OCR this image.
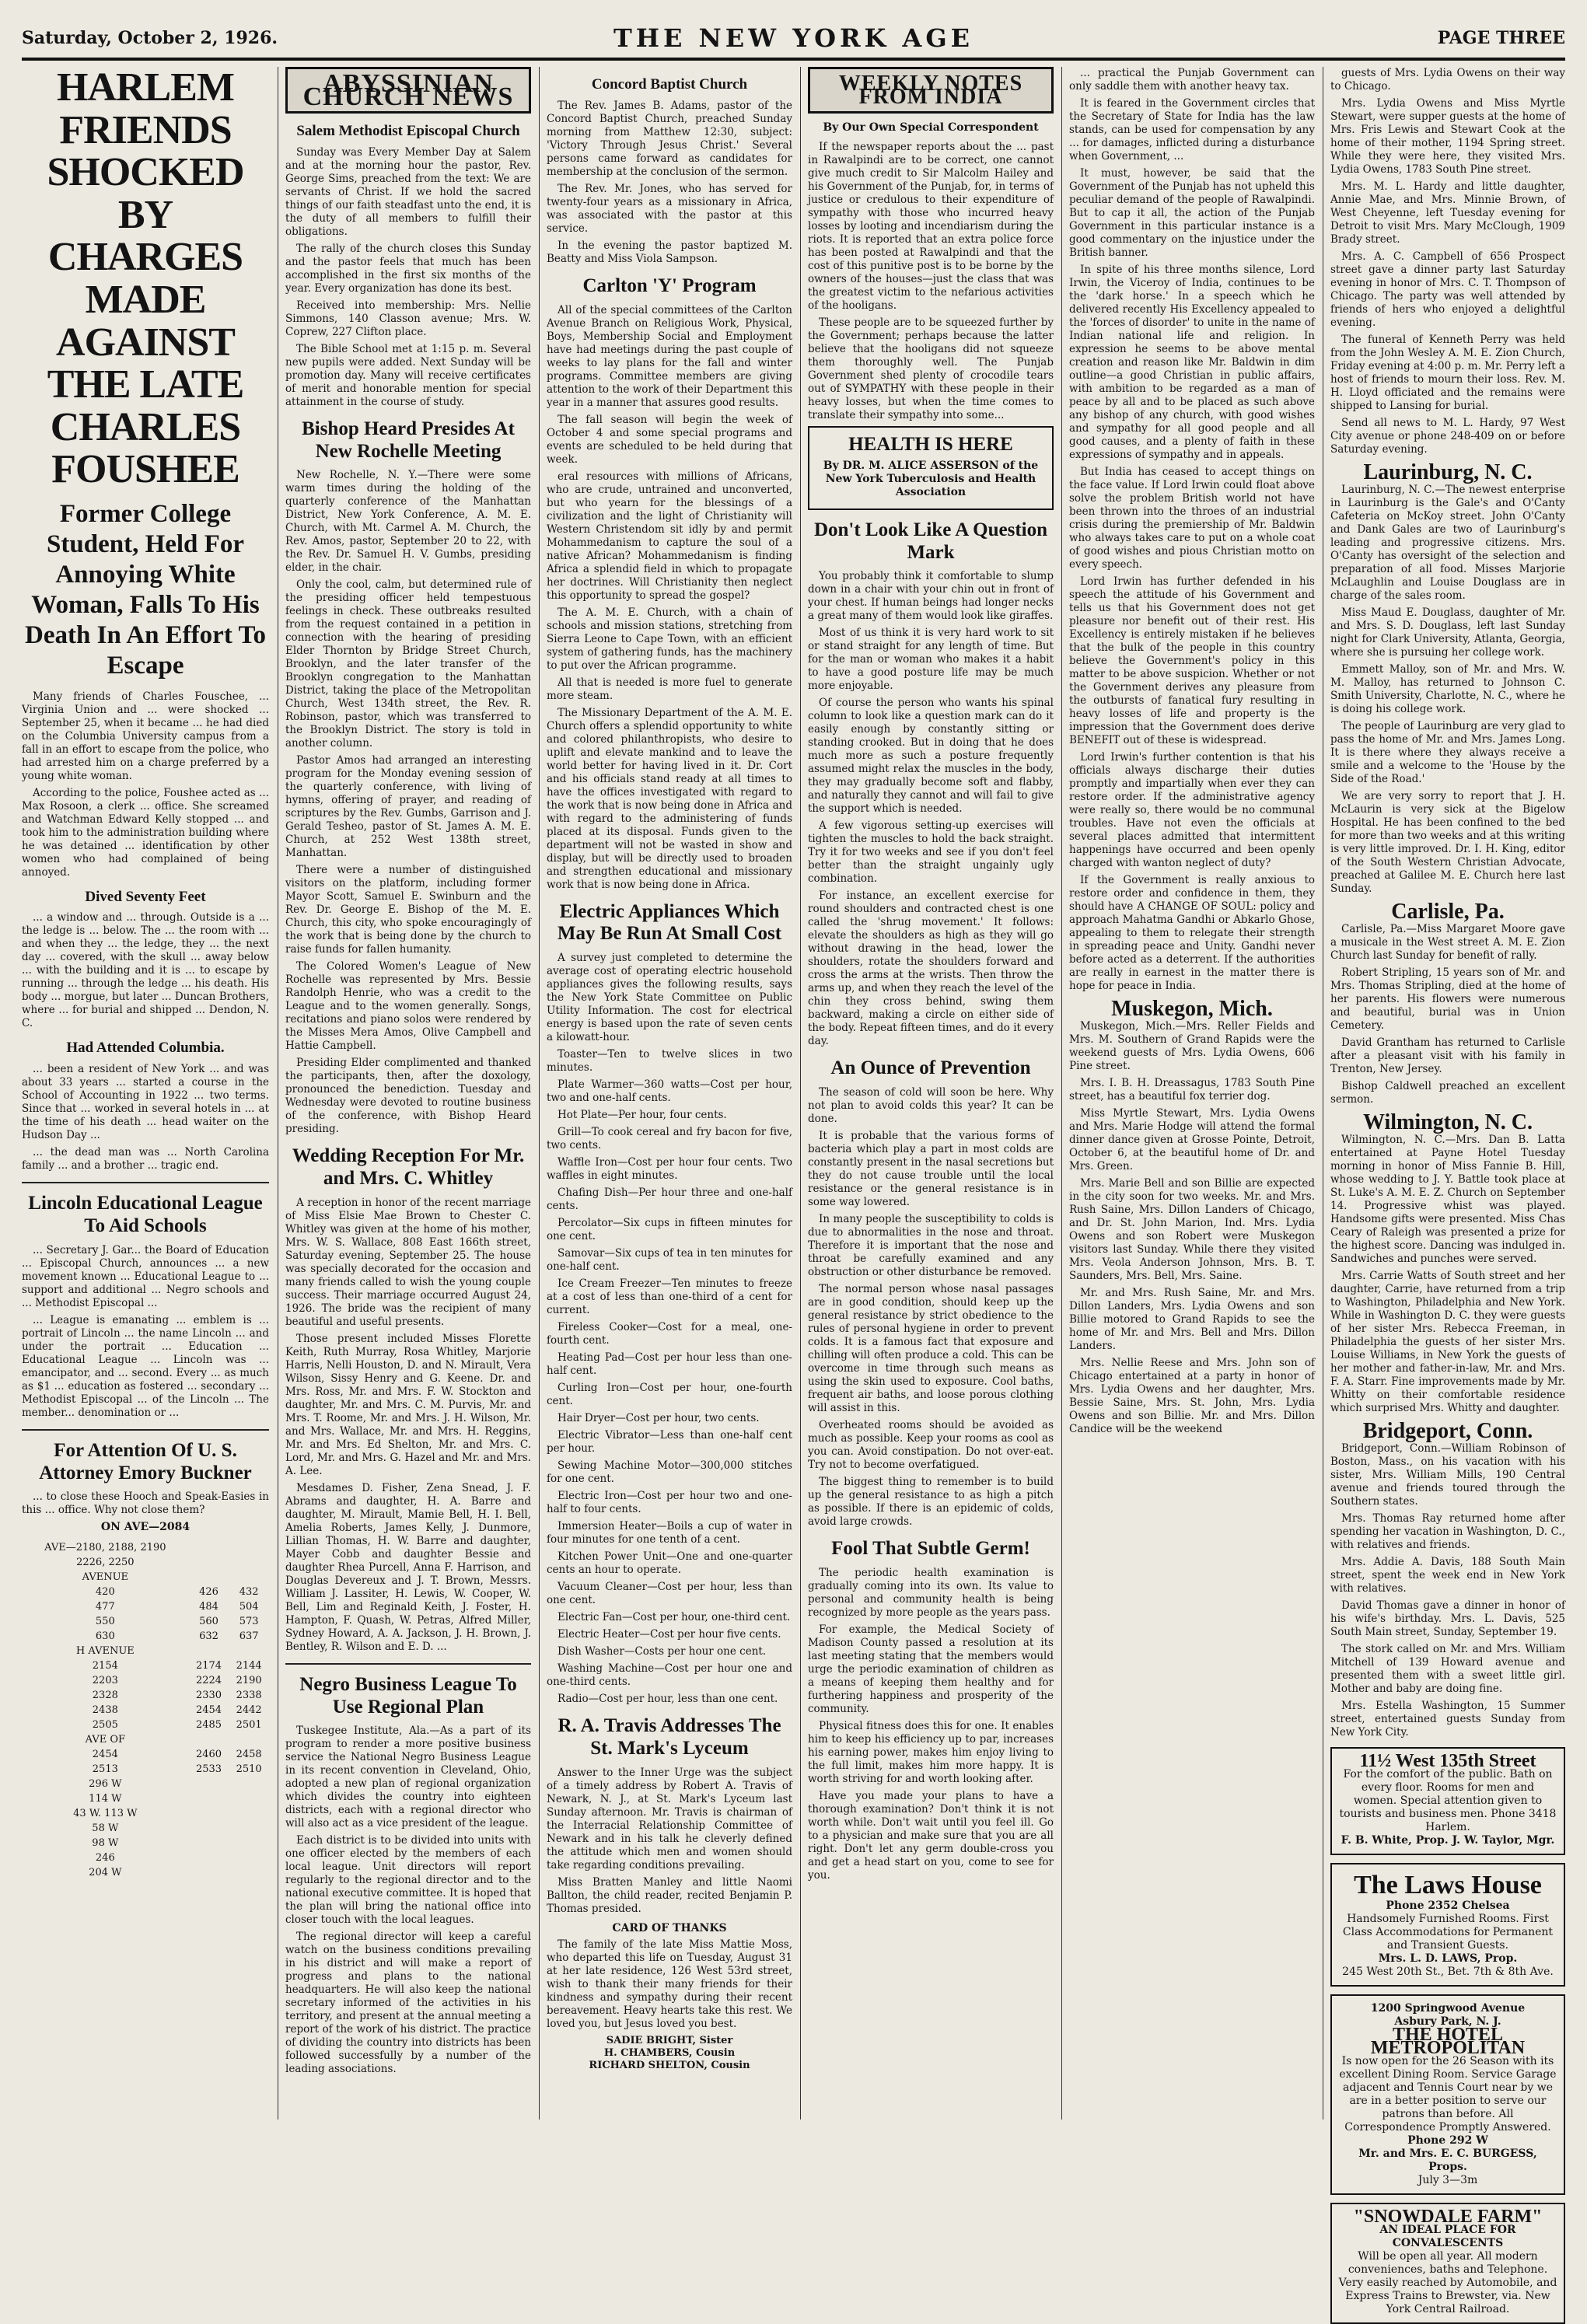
Saturday, October 2, 1926.	THE NEW YORK AGE	PAGE THREE
HARLEM FRIENDS SHOCKED BY CHARGES MADE AGAINST THE LATE CHARLES FOUSHEE
Former College Student, Held For Annoying White Woman, Falls To His Death In An Effort To Escape

Many friends of Charles Fouschee, ... Virginia Union and ... were shocked ... September 25, when it became ... he had died on the Columbia University campus from a fall in an effort to escape from the police, who had arrested him on a charge preferred by a young white woman.

According to the police, Foushee acted as ... Max Rosoon, a clerk ... office. She screamed and Watchman Edward Kelly stopped ... and took him to the administration building where he was detained ... identification by other women who had complained of being annoyed.

Dived Seventy Feet

... a window and ... through. Outside is a ... the ledge is ... below. The ... the room with ... and when they ... the ledge, they ... the next day ... covered, with the skull ... away below ... with the building and it is ... to escape by running ... through the ledge ... his death. His body ... morgue, but later ... Duncan Brothers, where ... for burial and shipped ... Dendon, N. C.

Had Attended Columbia.

... been a resident of New York ... and was about 33 years ... started a course in the School of Accounting in 1922 ... two terms. Since that ... worked in several hotels in ... at the time of his death ... head waiter on the Hudson Day ...

... the dead man was ... North Carolina family ... and a brother ... tragic end.

Lincoln Educational League To Aid Schools

... Secretary J. Gar... the Board of Education ... Episcopal Church, announces ... a new movement known ... Educational League to ... support and additional ... Negro schools and ... Methodist Episcopal ...

... League is emanating ... emblem is ... portrait of Lincoln ... the name Lincoln ... and under the portrait ... Education ... Educational League ... Lincoln was ... emancipator, and ... second. Every ... as much as $1 ... education as fostered ... secondary ... Methodist Episcopal ... of the Lincoln ... The member... denomination or ...

For Attention Of U. S. Attorney Emory Buckner

... to close these Hooch and Speak-Easies in this ... office. Why not close them?

ON AVE—2084
AVE—2180, 2188, 2190		
2226, 2250		
AVENUE		
420	426	432
477	484	504
550	560	573
630	632	637
H AVENUE		
2154	2174	2144
2203	2224	2190
2328	2330	2338
2438	2454	2442
2505	2485	2501
AVE OF		
2454	2460	2458
2513	2533	2510
296 W		
114 W		
43 W. 113 W		
58 W		
98 W		
246		
204 W		
ABYSSINIAN CHURCH NEWS
Salem Methodist Episcopal Church

Sunday was Every Member Day at Salem and at the morning hour the pastor, Rev. George Sims, preached from the text: We are servants of Christ. If we hold the sacred things of our faith steadfast unto the end, it is the duty of all members to fulfill their obligations.

The rally of the church closes this Sunday and the pastor feels that much has been accomplished in the first six months of the year. Every organization has done its best.

Received into membership: Mrs. Nellie Simmons, 140 Classon avenue; Mrs. W. Coprew, 227 Clifton place.

The Bible School met at 1:15 p. m. Several new pupils were added. Next Sunday will be promotion day. Many will receive certificates of merit and honorable mention for special attainment in the course of study.

Bishop Heard Presides At New Rochelle Meeting

New Rochelle, N. Y.—There were some warm times during the holding of the quarterly conference of the Manhattan District, New York Conference, A. M. E. Church, with Mt. Carmel A. M. Church, the Rev. Amos, pastor, September 20 to 22, with the Rev. Dr. Samuel H. V. Gumbs, presiding elder, in the chair.

Only the cool, calm, but determined rule of the presiding officer held tempestuous feelings in check. These outbreaks resulted from the request contained in a petition in connection with the hearing of presiding Elder Thornton by Bridge Street Church, Brooklyn, and the later transfer of the Brooklyn congregation to the Manhattan District, taking the place of the Metropolitan Church, West 134th street, the Rev. R. Robinson, pastor, which was transferred to the Brooklyn District. The story is told in another column.

Pastor Amos had arranged an interesting program for the Monday evening session of the quarterly conference, with living of hymns, offering of prayer, and reading of scriptures by the Rev. Gumbs, Garrison and J. Gerald Tesheo, pastor of St. James A. M. E. Church, at 252 West 138th street, Manhattan.

There were a number of distinguished visitors on the platform, including former Mayor Scott, Samuel E. Swinburn and the Rev. Dr. George E. Bishop of the M. E. Church, this city, who spoke encouragingly of the work that is being done by the church to raise funds for fallen humanity.

The Colored Women's League of New Rochelle was represented by Mrs. Bessie Randolph Henrie, who was a credit to the League and to the women generally. Songs, recitations and piano solos were rendered by the Misses Mera Amos, Olive Campbell and Hattie Campbell.

Presiding Elder complimented and thanked the participants, then, after the doxology, pronounced the benediction. Tuesday and Wednesday were devoted to routine business of the conference, with Bishop Heard presiding.

Wedding Reception For Mr. and Mrs. C. Whitley

A reception in honor of the recent marriage of Miss Elsie Mae Brown to Chester C. Whitley was given at the home of his mother, Mrs. W. S. Wallace, 808 East 166th street, Saturday evening, September 25. The house was specially decorated for the occasion and many friends called to wish the young couple success. Their marriage occurred August 24, 1926. The bride was the recipient of many beautiful and useful presents.

Those present included Misses Florette Keith, Ruth Murray, Rosa Whitley, Marjorie Harris, Nelli Houston, D. and N. Mirault, Vera Wilson, Sissy Henry and G. Keene. Dr. and Mrs. Ross, Mr. and Mrs. F. W. Stockton and daughter, Mr. and Mrs. C. M. Purvis, Mr. and Mrs. T. Roome, Mr. and Mrs. J. H. Wilson, Mr. and Mrs. Wallace, Mr. and Mrs. H. Reggins, Mr. and Mrs. Ed Shelton, Mr. and Mrs. C. Lord, Mr. and Mrs. G. Hazel and Mr. and Mrs. A. Lee.

Mesdames D. Fisher, Zena Snead, J. F. Abrams and daughter, H. A. Barre and daughter, M. Mirault, Mamie Bell, H. I. Bell, Amelia Roberts, James Kelly, J. Dunmore, Lillian Thomas, H. W. Barre and daughter, Mayer Cobb and daughter Bessie and daughter Rhea Purcell, Anna F. Harrison, and Douglas Devereux and J. T. Brown, Messrs. William J. Lassiter, H. Lewis, W. Cooper, W. Bell, Lim and Reginald Keith, J. Foster, H. Hampton, F. Quash, W. Petras, Alfred Miller, Sydney Howard, A. A. Jackson, J. H. Brown, J. Bentley, R. Wilson and E. D. ...

Negro Business League To Use Regional Plan

Tuskegee Institute, Ala.—As a part of its program to render a more positive business service the National Negro Business League in its recent convention in Cleveland, Ohio, adopted a new plan of regional organization which divides the country into eighteen districts, each with a regional director who will also act as a vice president of the league.

Each district is to be divided into units with one officer elected by the members of each local league. Unit directors will report regularly to the regional director and to the national executive committee. It is hoped that the plan will bring the national office into closer touch with the local leagues.

The regional director will keep a careful watch on the business conditions prevailing in his district and will make a report of progress and plans to the national headquarters. He will also keep the national secretary informed of the activities in his territory, and present at the annual meeting a report of the work of his district. The practice of dividing the country into districts has been followed successfully by a number of the leading associations.

Concord Baptist Church

The Rev. James B. Adams, pastor of the Concord Baptist Church, preached Sunday morning from Matthew 12:30, subject: 'Victory Through Jesus Christ.' Several persons came forward as candidates for membership at the conclusion of the sermon.

The Rev. Mr. Jones, who has served for twenty-four years as a missionary in Africa, was associated with the pastor at this service.

In the evening the pastor baptized M. Beatty and Miss Viola Sampson.

Carlton 'Y' Program

All of the special committees of the Carlton Avenue Branch on Religious Work, Physical, Boys, Membership Social and Employment have had meetings during the past couple of weeks to lay plans for the fall and winter programs. Committee members are giving attention to the work of their Department this year in a manner that assures good results.

The fall season will begin the week of October 4 and some special programs and events are scheduled to be held during that week.

eral resources with millions of Africans, who are crude, untrained and unconverted, but who yearn for the blessings of a civilization and the light of Christianity will Western Christendom sit idly by and permit Mohammedanism to capture the soul of a native African? Mohammedanism is finding Africa a splendid field in which to propagate her doctrines. Will Christianity then neglect this opportunity to spread the gospel?

The A. M. E. Church, with a chain of schools and mission stations, stretching from Sierra Leone to Cape Town, with an efficient system of gathering funds, has the machinery to put over the African programme.

All that is needed is more fuel to generate more steam.

The Missionary Department of the A. M. E. Church offers a splendid opportunity to white and colored philanthropists, who desire to uplift and elevate mankind and to leave the world better for having lived in it. Dr. Cort and his officials stand ready at all times to have the offices investigated with regard to the work that is now being done in Africa and with regard to the administering of funds placed at its disposal. Funds given to the department will not be wasted in show and display, but will be directly used to broaden and strengthen educational and missionary work that is now being done in Africa.

Electric Appliances Which May Be Run At Small Cost

A survey just completed to determine the average cost of operating electric household appliances gives the following results, says the New York State Committee on Public Utility Information. The cost for electrical energy is based upon the rate of seven cents a kilowatt-hour.

Toaster—Ten to twelve slices in two minutes.

Plate Warmer—360 watts—Cost per hour, two and one-half cents.

Hot Plate—Per hour, four cents.

Grill—To cook cereal and fry bacon for five, two cents.

Waffle Iron—Cost per hour four cents. Two waffles in eight minutes.

Chafing Dish—Per hour three and one-half cents.

Percolator—Six cups in fifteen minutes for one cent.

Samovar—Six cups of tea in ten minutes for one-half cent.

Ice Cream Freezer—Ten minutes to freeze at a cost of less than one-third of a cent for current.

Fireless Cooker—Cost for a meal, one-fourth cent.

Heating Pad—Cost per hour less than one-half cent.

Curling Iron—Cost per hour, one-fourth cent.

Hair Dryer—Cost per hour, two cents.

Electric Vibrator—Less than one-half cent per hour.

Sewing Machine Motor—300,000 stitches for one cent.

Electric Iron—Cost per hour two and one-half to four cents.

Immersion Heater—Boils a cup of water in four minutes for one tenth of a cent.

Kitchen Power Unit—One and one-quarter cents an hour to operate.

Vacuum Cleaner—Cost per hour, less than one cent.

Electric Fan—Cost per hour, one-third cent.

Electric Heater—Cost per hour five cents.

Dish Washer—Costs per hour one cent.

Washing Machine—Cost per hour one and one-third cents.

Radio—Cost per hour, less than one cent.

R. A. Travis Addresses The St. Mark's Lyceum

Answer to the Inner Urge was the subject of a timely address by Robert A. Travis of Newark, N. J., at St. Mark's Lyceum last Sunday afternoon. Mr. Travis is chairman of the Interracial Relationship Committee of Newark and in his talk he cleverly defined the attitude which men and women should take regarding conditions prevailing.

Miss Bratten Manley and little Naomi Ballton, the child reader, recited Benjamin P. Thomas presided.

CARD OF THANKS

The family of the late Miss Mattie Moss, who departed this life on Tuesday, August 31 at her late residence, 126 West 53rd street, wish to thank their many friends for their kindness and sympathy during their recent bereavement. Heavy hearts take this rest. We loved you, but Jesus loved you best.

SADIE BRIGHT, Sister
H. CHAMBERS, Cousin
RICHARD SHELTON, Cousin
WEEKLY NOTES FROM INDIA
By Our Own Special Correspondent

If the newspaper reports about the ... past in Rawalpindi are to be correct, one cannot give much credit to Sir Malcolm Hailey and his Government of the Punjab, for, in terms of justice or credulous to their expenditure of sympathy with those who incurred heavy losses by looting and incendiarism during the riots. It is reported that an extra police force has been posted at Rawalpindi and that the cost of this punitive post is to be borne by the owners of the houses—just the class that was the greatest victim to the nefarious activities of the hooligans.

These people are to be squeezed further by the Government; perhaps because the latter believe that the hooligans did not squeeze them thoroughly well. The Punjab Government shed plenty of crocodile tears out of SYMPATHY with these people in their heavy losses, but when the time comes to translate their sympathy into some...

HEALTH IS HERE
By DR. M. ALICE ASSERSON of the New York Tuberculosis and Health Association
Don't Look Like A Question Mark

You probably think it comfortable to slump down in a chair with your chin out in front of your chest. If human beings had longer necks a great many of them would look like giraffes.

Most of us think it is very hard work to sit or stand straight for any length of time. But for the man or woman who makes it a habit to have a good posture life may be much more enjoyable.

Of course the person who wants his spinal column to look like a question mark can do it easily enough by constantly sitting or standing crooked. But in doing that he does much more as such a posture frequently assumed might relax the muscles in the body, they may gradually become soft and flabby, and naturally they cannot and will fail to give the support which is needed.

A few vigorous setting-up exercises will tighten the muscles to hold the back straight. Try it for two weeks and see if you don't feel better than the straight ungainly ugly combination.

For instance, an excellent exercise for round shoulders and contracted chest is one called the 'shrug movement.' It follows: elevate the shoulders as high as they will go without drawing in the head, lower the shoulders, rotate the shoulders forward and cross the arms at the wrists. Then throw the arms up, and when they reach the level of the chin they cross behind, swing them backward, making a circle on either side of the body. Repeat fifteen times, and do it every day.

An Ounce of Prevention

The season of cold will soon be here. Why not plan to avoid colds this year? It can be done.

It is probable that the various forms of bacteria which play a part in most colds are constantly present in the nasal secretions but they do not cause trouble until the local resistance or the general resistance is in some way lowered.

In many people the susceptibility to colds is due to abnormalities in the nose and throat. Therefore it is important that the nose and throat be carefully examined and any obstruction or other disturbance be removed.

The normal person whose nasal passages are in good condition, should keep up the general resistance by strict obedience to the rules of personal hygiene in order to prevent colds. It is a famous fact that exposure and chilling will often produce a cold. This can be overcome in time through such means as using the skin used to exposure. Cool baths, frequent air baths, and loose porous clothing will assist in this.

Overheated rooms should be avoided as much as possible. Keep your rooms as cool as you can. Avoid constipation. Do not over-eat. Try not to become overfatigued.

The biggest thing to remember is to build up the general resistance to as high a pitch as possible. If there is an epidemic of colds, avoid large crowds.

Fool That Subtle Germ!

The periodic health examination is gradually coming into its own. Its value to personal and community health is being recognized by more people as the years pass.

For example, the Medical Society of Madison County passed a resolution at its last meeting stating that the members would urge the periodic examination of children as a means of keeping them healthy and for furthering happiness and prosperity of the community.

Physical fitness does this for one. It enables him to keep his efficiency up to par, increases his earning power, makes him enjoy living to the full limit, makes him more happy. It is worth striving for and worth looking after.

Have you made your plans to have a thorough examination? Don't think it is not worth while. Don't wait until you feel ill. Go to a physician and make sure that you are all right. Don't let any germ double-cross you and get a head start on you, come to see for you.

... practical the Punjab Government can only saddle them with another heavy tax.

It is feared in the Government circles that the Secretary of State for India has the law stands, can be used for compensation by any ... for damages, inflicted during a disturbance when Government, ...

It must, however, be said that the Government of the Punjab has not upheld this peculiar demand of the people of Rawalpindi. But to cap it all, the action of the Punjab Government in this particular instance is a good commentary on the injustice under the British banner.

In spite of his three months silence, Lord Irwin, the Viceroy of India, continues to be the 'dark horse.' In a speech which he delivered recently His Excellency appealed to the 'forces of disorder' to unite in the name of Indian national life and religion. In expression he seems to be above mental creation and reason like Mr. Baldwin in dim outline—a good Christian in public affairs, with ambition to be regarded as a man of peace by all and to be placed as such above any bishop of any church, with good wishes and sympathy for all good people and all good causes, and a plenty of faith in these expressions of sympathy and in appeals.

But India has ceased to accept things on the face value. If Lord Irwin could float above solve the problem British world not have been thrown into the throes of an industrial crisis during the premiership of Mr. Baldwin who always takes care to put on a whole coat of good wishes and pious Christian motto on every speech.

Lord Irwin has further defended in his speech the attitude of his Government and tells us that his Government does not get pleasure nor benefit out of their rest. His Excellency is entirely mistaken if he believes that the bulk of the people in this country believe the Government's policy in this matter to be above suspicion. Whether or not the Government derives any pleasure from the outbursts of fanatical fury resulting in heavy losses of life and property is the impression that the Government does derive BENEFIT out of these is widespread.

Lord Irwin's further contention is that his officials always discharge their duties promptly and impartially when ever they can restore order. If the administrative agency were really so, there would be no communal troubles. Have not even the officials at several places admitted that intermittent happenings have occurred and been openly charged with wanton neglect of duty?

If the Government is really anxious to restore order and confidence in them, they should have A CHANGE OF SOUL: policy and approach Mahatma Gandhi or Abkarlo Ghose, appealing to them to relegate their strength in spreading peace and Unity. Gandhi never before acted as a deterrent. If the authorities are really in earnest in the matter there is hope for peace in India.

Muskegon, Mich.

Muskegon, Mich.—Mrs. Reller Fields and Mrs. M. Southern of Grand Rapids were the weekend guests of Mrs. Lydia Owens, 606 Pine street.

Mrs. I. B. H. Dreassagus, 1783 South Pine street, has a beautiful fox terrier dog.

Miss Myrtle Stewart, Mrs. Lydia Owens and Mrs. Marie Hodge will attend the formal dinner dance given at Grosse Pointe, Detroit, October 6, at the beautiful home of Dr. and Mrs. Green.

Mrs. Marie Bell and son Billie are expected in the city soon for two weeks. Mr. and Mrs. Rush Saine, Mrs. Dillon Landers of Chicago, and Dr. St. John Marion, Ind. Mrs. Lydia Owens and son Robert were Muskegon visitors last Sunday. While there they visited Mrs. Veola Anderson Johnson, Mrs. B. T. Saunders, Mrs. Bell, Mrs. Saine.

Mr. and Mrs. Rush Saine, Mr. and Mrs. Dillon Landers, Mrs. Lydia Owens and son Billie motored to Grand Rapids to see the home of Mr. and Mrs. Bell and Mrs. Dillon Landers.

Mrs. Nellie Reese and Mrs. John son of Chicago entertained at a party in honor of Mrs. Lydia Owens and her daughter, Mrs. Bessie Saine, Mrs. St. John, Mrs. Lydia Owens and son Billie. Mr. and Mrs. Dillon Candice will be the weekend

guests of Mrs. Lydia Owens on their way to Chicago.

Mrs. Lydia Owens and Miss Myrtle Stewart, were supper guests at the home of Mrs. Fris Lewis and Stewart Cook at the home of their mother, 1194 Spring street. While they were here, they visited Mrs. Lydia Owens, 1783 South Pine street.

Mrs. M. L. Hardy and little daughter, Annie Mae, and Mrs. Minnie Brown, of West Cheyenne, left Tuesday evening for Detroit to visit Mrs. Mary McClough, 1909 Brady street.

Mrs. A. C. Campbell of 656 Prospect street gave a dinner party last Saturday evening in honor of Mrs. C. T. Thompson of Chicago. The party was well attended by friends of hers who enjoyed a delightful evening.

The funeral of Kenneth Perry was held from the John Wesley A. M. E. Zion Church, Friday evening at 4:00 p. m. Mr. Perry left a host of friends to mourn their loss. Rev. M. H. Lloyd officiated and the remains were shipped to Lansing for burial.

Send all news to M. L. Hardy, 97 West City avenue or phone 248-409 on or before Saturday evening.

Laurinburg, N. C.

Laurinburg, N. C.—The newest enterprise in Laurinburg is the Gale's and O'Canty Cafeteria on McKoy street. John O'Canty and Dank Gales are two of Laurinburg's leading and progressive citizens. Mrs. O'Canty has oversight of the selection and preparation of all food. Misses Marjorie McLaughlin and Louise Douglass are in charge of the sales room.

Miss Maud E. Douglass, daughter of Mr. and Mrs. S. D. Douglass, left last Sunday night for Clark University, Atlanta, Georgia, where she is pursuing her college work.

Emmett Malloy, son of Mr. and Mrs. W. M. Malloy, has returned to Johnson C. Smith University, Charlotte, N. C., where he is doing his college work.

The people of Laurinburg are very glad to pass the home of Mr. and Mrs. James Long. It is there where they always receive a smile and a welcome to the 'House by the Side of the Road.'

We are very sorry to report that J. H. McLaurin is very sick at the Bigelow Hospital. He has been confined to the bed for more than two weeks and at this writing is very little improved. Dr. I. H. King, editor of the South Western Christian Advocate, preached at Galilee M. E. Church here last Sunday.

Carlisle, Pa.

Carlisle, Pa.—Miss Margaret Moore gave a musicale in the West street A. M. E. Zion Church last Sunday for benefit of rally.

Robert Stripling, 15 years son of Mr. and Mrs. Thomas Stripling, died at the home of her parents. His flowers were numerous and beautiful, burial was in Union Cemetery.

David Grantham has returned to Carlisle after a pleasant visit with his family in Trenton, New Jersey.

Bishop Caldwell preached an excellent sermon.

Wilmington, N. C.

Wilmington, N. C.—Mrs. Dan B. Latta entertained at Payne Hotel Tuesday morning in honor of Miss Fannie B. Hill, whose wedding to J. Y. Battle took place at St. Luke's A. M. E. Z. Church on September 14. Progressive whist was played. Handsome gifts were presented. Miss Chas Ceary of Raleigh was presented a prize for the highest score. Dancing was indulged in. Sandwiches and punches were served.

Mrs. Carrie Watts of South street and her daughter, Carrie, have returned from a trip to Washington, Philadelphia and New York. While in Washington D. C. they were guests of her sister Mrs. Rebecca Freeman, in Philadelphia the guests of her sister Mrs. Louise Williams, in New York the guests of her mother and father-in-law, Mr. and Mrs. F. A. Starr. Fine improvements made by Mr. Whitty on their comfortable residence which surprised Mrs. Whitty and daughter.

Bridgeport, Conn.

Bridgeport, Conn.—William Robinson of Boston, Mass., on his vacation with his sister, Mrs. William Mills, 190 Central avenue and friends toured through the Southern states.

Mrs. Thomas Ray returned home after spending her vacation in Washington, D. C., with relatives and friends.

Mrs. Addie A. Davis, 188 South Main street, spent the week end in New York with relatives.

David Thomas gave a dinner in honor of his wife's birthday. Mrs. L. Davis, 525 South Main street, Sunday, September 19.

The stork called on Mr. and Mrs. William Mitchell of 139 Howard avenue and presented them with a sweet little girl. Mother and baby are doing fine.

Mrs. Estella Washington, 15 Summer street, entertained guests Sunday from New York City.

11½ West 135th Street
For the comfort of the public. Bath on every floor. Rooms for men and women. Special attention given to tourists and business men. Phone 3418 Harlem.
F. B. White, Prop. J. W. Taylor, Mgr.
The Laws House
Phone 2352 Chelsea
Handsomely Furnished Rooms. First Class Accommodations for Permanent and Transient Guests.
Mrs. L. D. LAWS, Prop.
245 West 20th St., Bet. 7th & 8th Ave.
1200 Springwood Avenue
Asbury Park, N. J.
THE HOTEL METROPOLITAN
Is now open for the 26 Season with its excellent Dining Room. Service Garage adjacent and Tennis Court near by we are in a better position to serve our patrons than before. All Correspondence Promptly Answered.
Phone 292 W
Mr. and Mrs. E. C. BURGESS, Props.
July 3—3m
"SNOWDALE FARM"
AN IDEAL PLACE FOR CONVALESCENTS
Will be open all year. All modern conveniences, baths and Telephone. Very easily reached by Automobile, and Express Trains to Brewster, via. New York Central Railroad.
